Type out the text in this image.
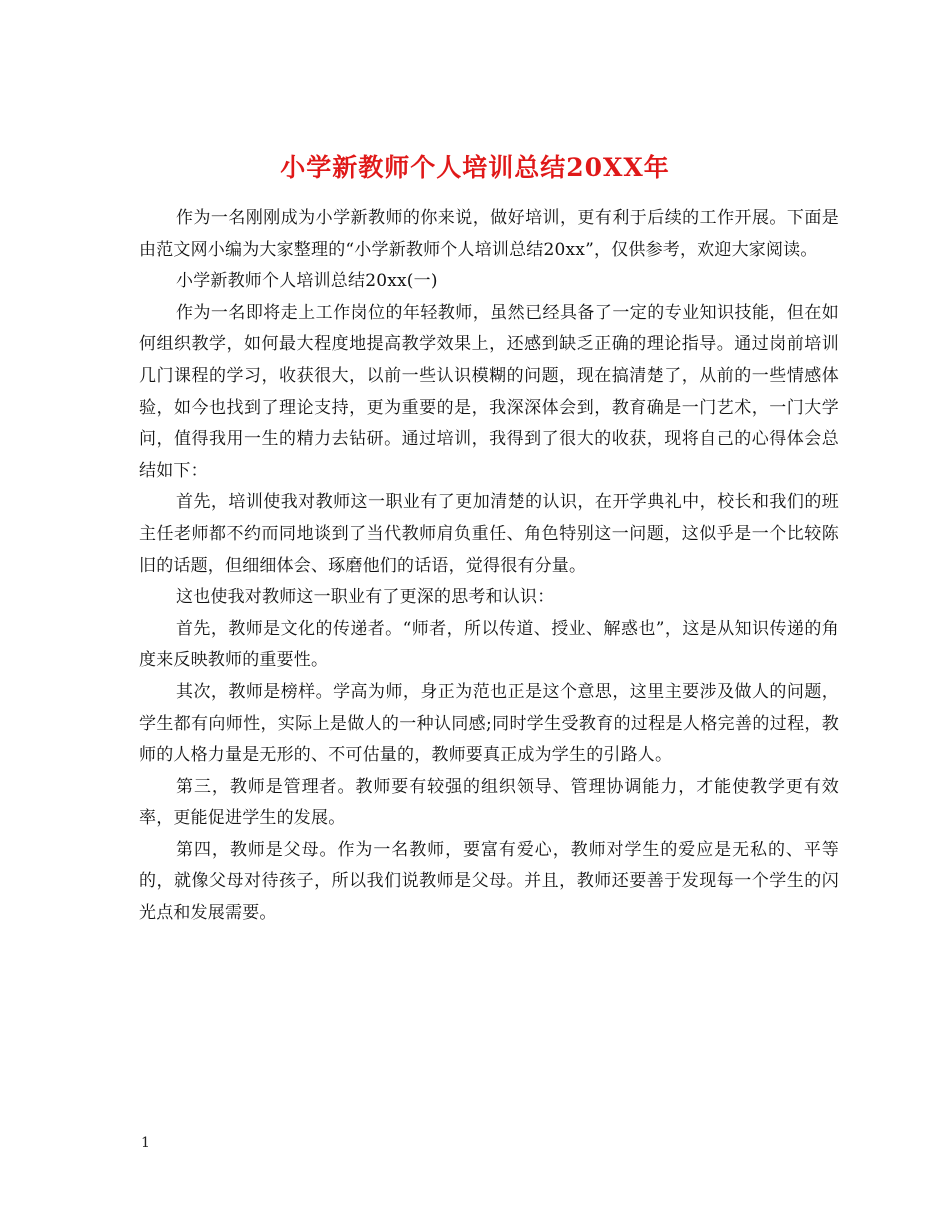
小学新教师个人培训总结20XX年

作为一名刚刚成为小学新教师的你来说，做好培训，更有利于后续的工作开展。下面是由范文网小编为大家整理的“小学新教师个人培训总结20xx”，仅供参考，欢迎大家阅读。

小学新教师个人培训总结20xx(一)

作为一名即将走上工作岗位的年轻教师，虽然已经具备了一定的专业知识技能，但在如何组织教学，如何最大程度地提高教学效果上，还感到缺乏正确的理论指导。通过岗前培训几门课程的学习，收获很大，以前一些认识模糊的问题，现在搞清楚了，从前的一些情感体验，如今也找到了理论支持，更为重要的是，我深深体会到，教育确是一门艺术，一门大学问，值得我用一生的精力去钻研。通过培训，我得到了很大的收获，现将自己的心得体会总结如下：

首先，培训使我对教师这一职业有了更加清楚的认识，在开学典礼中，校长和我们的班主任老师都不约而同地谈到了当代教师肩负重任、角色特别这一问题，这似乎是一个比较陈旧的话题，但细细体会、琢磨他们的话语，觉得很有分量。

这也使我对教师这一职业有了更深的思考和认识：

首先，教师是文化的传递者。“师者，所以传道、授业、解惑也”，这是从知识传递的角度来反映教师的重要性。

其次，教师是榜样。学高为师，身正为范也正是这个意思，这里主要涉及做人的问题，学生都有向师性，实际上是做人的一种认同感;同时学生受教育的过程是人格完善的过程，教师的人格力量是无形的、不可估量的，教师要真正成为学生的引路人。

第三，教师是管理者。教师要有较强的组织领导、管理协调能力，才能使教学更有效率，更能促进学生的发展。

第四，教师是父母。作为一名教师，要富有爱心，教师对学生的爱应是无私的、平等的，就像父母对待孩子，所以我们说教师是父母。并且，教师还要善于发现每一个学生的闪光点和发展需要。

1
